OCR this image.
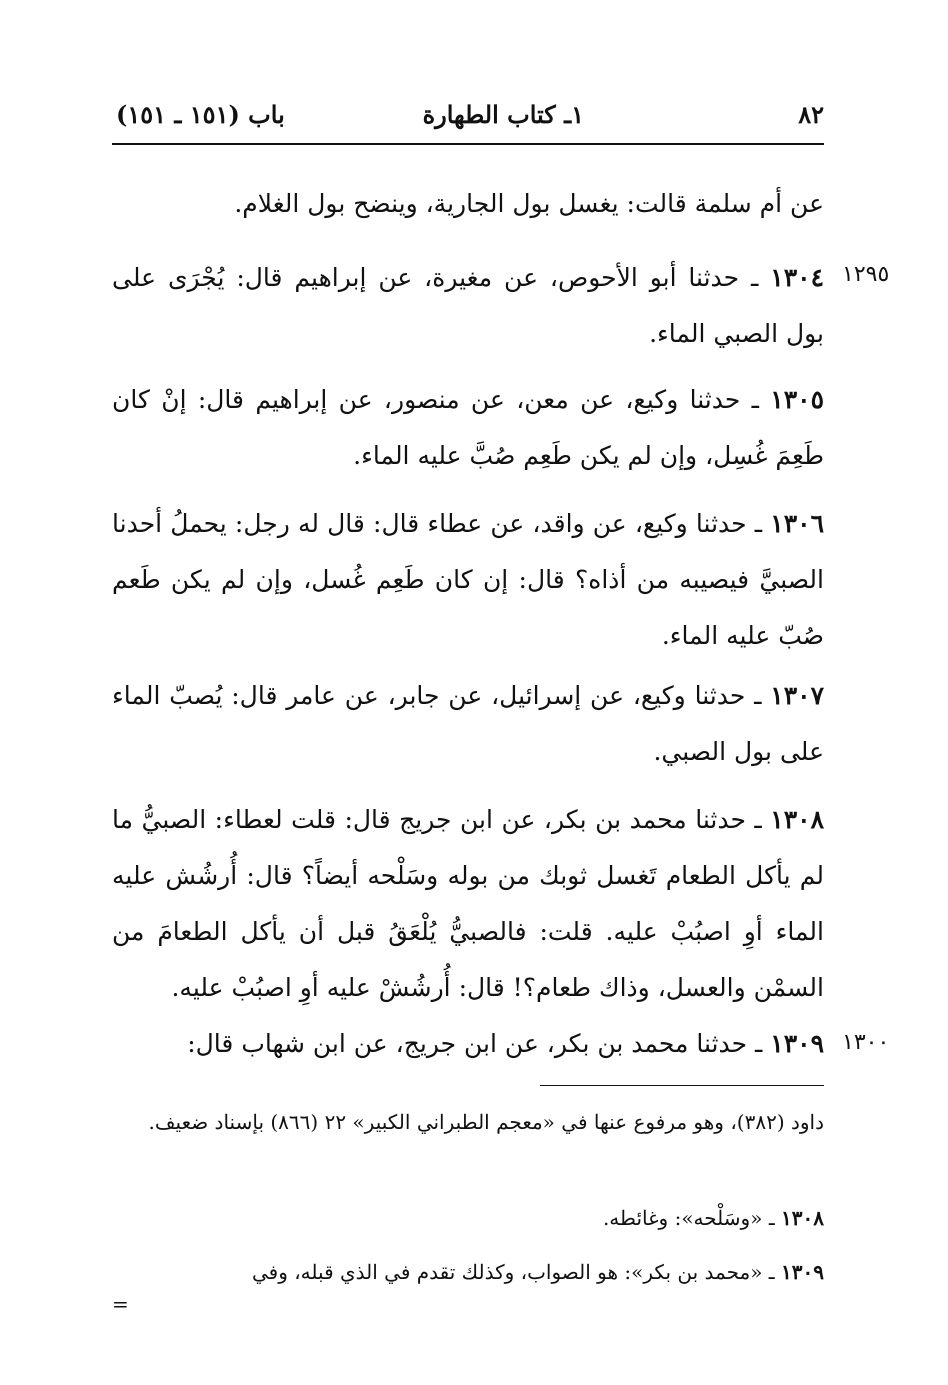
٨٢
١ـ كتاب الطهارة
باب (١٥١ ـ ١٥١)

عن أم سلمة قالت: يغسل بول الجارية، وينضح بول الغلام.

١٢٩٥

١٣٠٤ ـ حدثنا أبو الأحوص، عن مغيرة، عن إبراهيم قال: يُجْرَى على بول الصبي الماء.

١٣٠٥ ـ حدثنا وكيع، عن معن، عن منصور، عن إبراهيم قال: إنْ كان طَعِمَ غُسِل، وإن لم يكن طَعِم صُبَّ عليه الماء.

١٣٠٦ ـ حدثنا وكيع، عن واقد، عن عطاء قال: قال له رجل: يحملُ أحدنا الصبيَّ فيصيبه من أذاه؟ قال: إن كان طَعِم غُسل، وإن لم يكن طَعم صُبّ عليه الماء.

١٣٠٧ ـ حدثنا وكيع، عن إسرائيل، عن جابر، عن عامر قال: يُصبّ الماء على بول الصبي.

١٣٠٨ ـ حدثنا محمد بن بكر، عن ابن جريج قال: قلت لعطاء: الصبيُّ ما لم يأكل الطعام تَغسل ثوبك من بوله وسَلْحه أيضاً؟ قال: أُرشُش عليه الماء أوِ اصبُبْ عليه. قلت: فالصبيُّ يُلْعَقُ قبل أن يأكل الطعامَ من السمْن والعسل، وذاك طعام؟! قال: أُرشُشْ عليه أوِ اصبُبْ عليه.

١٣٠٠

١٣٠٩ ـ حدثنا محمد بن بكر، عن ابن جريج، عن ابن شهاب قال:

داود (٣٨٢)، وهو مرفوع عنها في «معجم الطبراني الكبير» ٢٢ (٨٦٦) بإسناد ضعيف.

١٣٠٨ ـ «وسَلْحه»: وغائطه.

١٣٠٩ ـ «محمد بن بكر»: هو الصواب، وكذلك تقدم في الذي قبله، وفي

=
